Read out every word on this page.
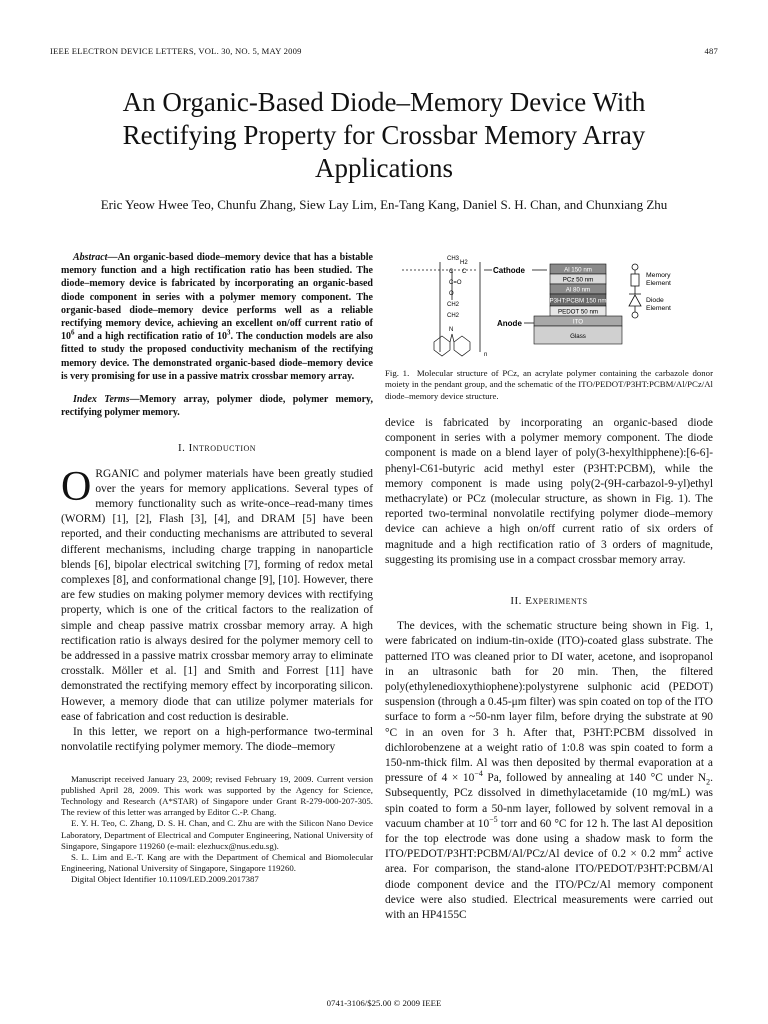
IEEE ELECTRON DEVICE LETTERS, VOL. 30, NO. 5, MAY 2009	487
An Organic-Based Diode–Memory Device With Rectifying Property for Crossbar Memory Array Applications
Eric Yeow Hwee Teo, Chunfu Zhang, Siew Lay Lim, En-Tang Kang, Daniel S. H. Chan, and Chunxiang Zhu
Abstract—An organic-based diode–memory device that has a bistable memory function and a high rectification ratio has been studied. The diode–memory device is fabricated by incorporating an organic-based diode component in series with a polymer memory component. The organic-based diode–memory device performs well as a reliable rectifying memory device, achieving an excellent on/off current ratio of $10^6$ and a high rectification ratio of $10^3$. The conduction models are also fitted to study the proposed conductivity mechanism of the rectifying memory device. The demonstrated organic-based diode–memory device is very promising for use in a passive matrix crossbar memory array.
Index Terms—Memory array, polymer diode, polymer memory, rectifying polymer memory.
I. Introduction

ORGANIC and polymer materials have been greatly studied over the years for memory applications. Several types of memory functionality such as write-once–read-many times (WORM) [1], [2], Flash [3], [4], and DRAM [5] have been reported, and their conducting mechanisms are attributed to several different mechanisms, including charge trapping in nanoparticle blends [6], bipolar electrical switching [7], forming of redox metal complexes [8], and conformational change [9], [10]. However, there are few studies on making polymer memory devices with rectifying property, which is one of the critical factors to the realization of simple and cheap passive matrix crossbar memory array. A high rectification ratio is always desired for the polymer memory cell to be addressed in a passive matrix crossbar memory array to eliminate crosstalk. Möller et al. [1] and Smith and Forrest [11] have demonstrated the rectifying memory effect by incorporating silicon. However, a memory diode that can utilize polymer materials for ease of fabrication and cost reduction is desirable.

In this letter, we report on a high-performance two-terminal nonvolatile rectifying polymer memory. The diode–memory

Manuscript received January 23, 2009; revised February 19, 2009. Current version published April 28, 2009. This work was supported by the Agency for Science, Technology and Research (A*STAR) of Singapore under Grant R-279-000-207-305. The review of this letter was arranged by Editor C.-P. Chang.

E. Y. H. Teo, C. Zhang, D. S. H. Chan, and C. Zhu are with the Silicon Nano Device Laboratory, Department of Electrical and Computer Engineering, National University of Singapore, Singapore 119260 (e-mail: elezhucx@nus.edu.sg).

S. L. Lim and E.-T. Kang are with the Department of Chemical and Biomolecular Engineering, National University of Singapore, Singapore 119260.

Digital Object Identifier 10.1109/LED.2009.2017387

CH3
H2
C C
C=O
O
CH2
CH2
N
n
Cathode
Anode
Al 150 nm
PCz 50 nm
Al 80 nm
P3HT:PCBM 150 nm
PEDOT 50 nm
ITO
Glass
Memory
Element
Diode
Element
Fig. 1. Molecular structure of PCz, an acrylate polymer containing the carbazole donor moiety in the pendant group, and the schematic of the ITO/PEDOT/P3HT:PCBM/Al/PCz/Al diode–memory device structure.

device is fabricated by incorporating an organic-based diode component in series with a polymer memory component. The diode component is made on a blend layer of poly(3-hexylthipphene):[6-6]-phenyl-C61-butyric acid methyl ester (P3HT:PCBM), while the memory component is made using poly(2-(9H-carbazol-9-yl)ethyl methacrylate) or PCz (molecular structure, as shown in Fig. 1). The reported two-terminal nonvolatile rectifying polymer diode–memory device can achieve a high on/off current ratio of six orders of magnitude and a high rectification ratio of 3 orders of magnitude, suggesting its promising use in a compact crossbar memory array.

II. Experiments

The devices, with the schematic structure being shown in Fig. 1, were fabricated on indium-tin-oxide (ITO)-coated glass substrate. The patterned ITO was cleaned prior to DI water, acetone, and isopropanol in an ultrasonic bath for 20 min. Then, the filtered poly(ethylenedioxythiophene):polystyrene sulphonic acid (PEDOT) suspension (through a 0.45-μm filter) was spin coated on top of the ITO surface to form a ~50-nm layer film, before drying the substrate at 90 °C in an oven for 3 h. After that, P3HT:PCBM dissolved in dichlorobenzene at a weight ratio of 1:0.8 was spin coated to form a 150-nm-thick film. Al was then deposited by thermal evaporation at a pressure of $4 \times 10^{-4}$ Pa, followed by annealing at 140 °C under $N_2$. Subsequently, PCz dissolved in dimethylacetamide (10 mg/mL) was spin coated to form a 50-nm layer, followed by solvent removal in a vacuum chamber at $10^{-5}$ torr and 60 °C for 12 h. The last Al deposition for the top electrode was done using a shadow mask to form the ITO/PEDOT/P3HT:PCBM/Al/PCz/Al device of 0.2 × 0.2 $mm^2$ active area. For comparison, the stand-alone ITO/PEDOT/P3HT:PCBM/Al diode component device and the ITO/PCz/Al memory component device were also studied. Electrical measurements were carried out with an HP4155C

0741-3106/$25.00 © 2009 IEEE
